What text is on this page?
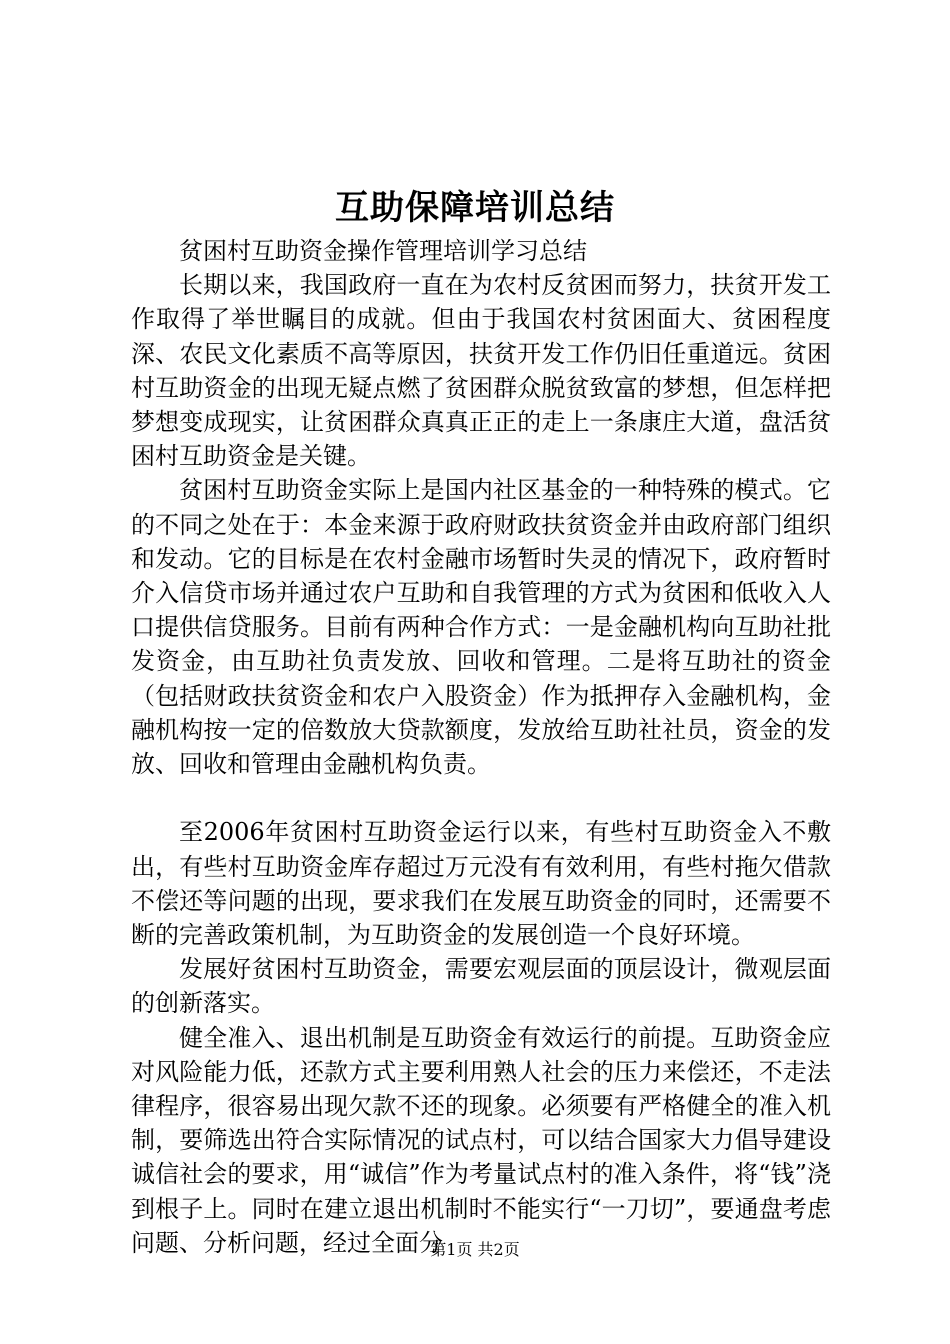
互助保障培训总结

贫困村互助资金操作管理培训学习总结

长期以来，我国政府一直在为农村反贫困而努力，扶贫开发工作取得了举世瞩目的成就。但由于我国农村贫困面大、贫困程度深、农民文化素质不高等原因，扶贫开发工作仍旧任重道远。贫困村互助资金的出现无疑点燃了贫困群众脱贫致富的梦想，但怎样把梦想变成现实，让贫困群众真真正正的走上一条康庄大道，盘活贫困村互助资金是关键。

贫困村互助资金实际上是国内社区基金的一种特殊的模式。它的不同之处在于：本金来源于政府财政扶贫资金并由政府部门组织和发动。它的目标是在农村金融市场暂时失灵的情况下，政府暂时介入信贷市场并通过农户互助和自我管理的方式为贫困和低收入人口提供信贷服务。目前有两种合作方式：一是金融机构向互助社批发资金，由互助社负责发放、回收和管理。二是将互助社的资金（包括财政扶贫资金和农户入股资金）作为抵押存入金融机构，金融机构按一定的倍数放大贷款额度，发放给互助社社员，资金的发放、回收和管理由金融机构负责。

至2006年贫困村互助资金运行以来，有些村互助资金入不敷出，有些村互助资金库存超过万元没有有效利用，有些村拖欠借款不偿还等问题的出现，要求我们在发展互助资金的同时，还需要不断的完善政策机制，为互助资金的发展创造一个良好环境。

发展好贫困村互助资金，需要宏观层面的顶层设计，微观层面的创新落实。

健全准入、退出机制是互助资金有效运行的前提。互助资金应对风险能力低，还款方式主要利用熟人社会的压力来偿还，不走法律程序，很容易出现欠款不还的现象。必须要有严格健全的准入机制，要筛选出符合实际情况的试点村，可以结合国家大力倡导建设诚信社会的要求，用“诚信”作为考量试点村的准入条件，将“钱”浇到根子上。同时在建立退出机制时不能实行“一刀切”，要通盘考虑问题、分析问题，经过全面分

第1页 共2页
